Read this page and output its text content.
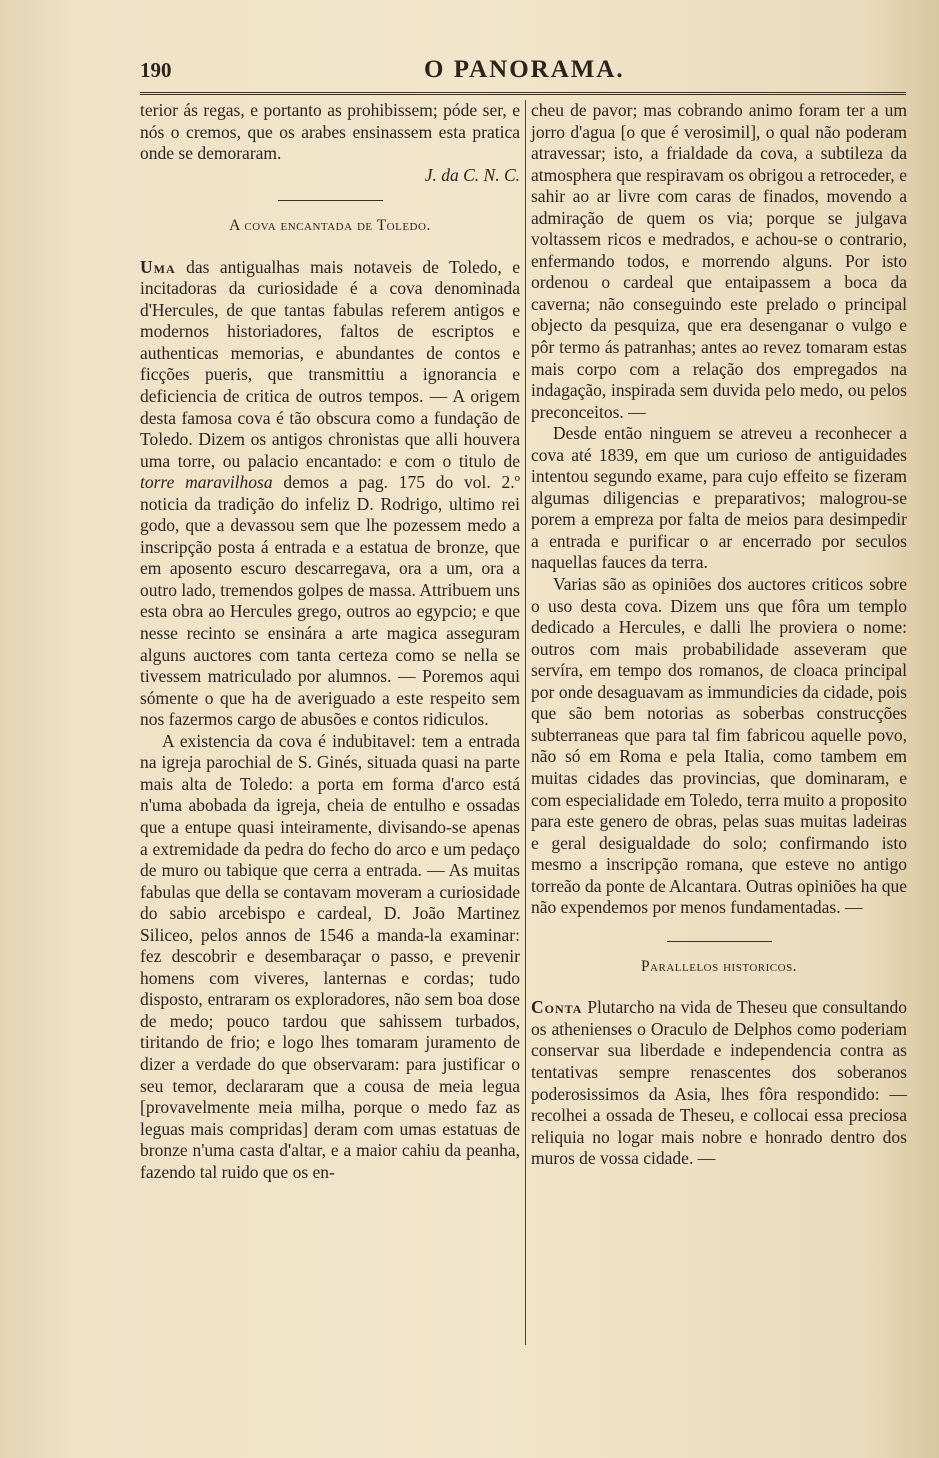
190	O PANORAMA.

terior ás regas, e portanto as prohibissem; póde ser, e nós o cremos, que os arabes ensinassem esta pratica onde se demoraram.

J. da C. N. C.

A cova encantada de Toledo.

Uma das antigualhas mais notaveis de Toledo, e incitadoras da curiosidade é a cova denominada d'Hercules, de que tantas fabulas referem antigos e modernos historiadores, faltos de escriptos e authenticas memorias, e abundantes de contos e ficções pueris, que transmittiu a ignorancia e deficiencia de critica de outros tempos. — A origem desta famosa cova é tão obscura como a fundação de Toledo. Dizem os antigos chronistas que alli houvera uma torre, ou palacio encantado: e com o titulo de torre maravilhosa demos a pag. 175 do vol. 2.º noticia da tradição do infeliz D. Rodrigo, ultimo rei godo, que a devassou sem que lhe pozessem medo a inscripção posta á entrada e a estatua de bronze, que em aposento escuro descarregava, ora a um, ora a outro lado, tremendos golpes de massa. Attribuem uns esta obra ao Hercules grego, outros ao egypcio; e que nesse recinto se ensinára a arte magica asseguram alguns auctores com tanta certeza como se nella se tivessem matriculado por alumnos. — Poremos aqui sómente o que ha de averiguado a este respeito sem nos fazermos cargo de abusões e contos ridiculos.

A existencia da cova é indubitavel: tem a entrada na igreja parochial de S. Ginés, situada quasi na parte mais alta de Toledo: a porta em forma d'arco está n'uma abobada da igreja, cheia de entulho e ossadas que a entupe quasi inteiramente, divisando-se apenas a extremidade da pedra do fecho do arco e um pedaço de muro ou tabique que cerra a entrada. — As muitas fabulas que della se contavam moveram a curiosidade do sabio arcebispo e cardeal, D. João Martinez Siliceo, pelos annos de 1546 a manda-la examinar: fez descobrir e desembaraçar o passo, e prevenir homens com viveres, lanternas e cordas; tudo disposto, entraram os exploradores, não sem boa dose de medo; pouco tardou que sahissem turbados, tiritando de frio; e logo lhes tomaram juramento de dizer a verdade do que observaram: para justificar o seu temor, declararam que a cousa de meia legua [provavelmente meia milha, porque o medo faz as leguas mais compridas] deram com umas estatuas de bronze n'uma casta d'altar, e a maior cahiu da peanha, fazendo tal ruido que os en-

cheu de pavor; mas cobrando animo foram ter a um jorro d'agua [o que é verosimil], o qual não poderam atravessar; isto, a frialdade da cova, a subtileza da atmosphera que respiravam os obrigou a retroceder, e sahir ao ar livre com caras de finados, movendo a admiração de quem os via; porque se julgava voltassem ricos e medrados, e achou-se o contrario, enfermando todos, e morrendo alguns. Por isto ordenou o cardeal que entaipassem a boca da caverna; não conseguindo este prelado o principal objecto da pesquiza, que era desenganar o vulgo e pôr termo ás patranhas; antes ao revez tomaram estas mais corpo com a relação dos empregados na indagação, inspirada sem duvida pelo medo, ou pelos preconceitos. —

Desde então ninguem se atreveu a reconhecer a cova até 1839, em que um curioso de antiguidades intentou segundo exame, para cujo effeito se fizeram algumas diligencias e preparativos; malogrou-se porem a empreza por falta de meios para desimpedir a entrada e purificar o ar encerrado por seculos naquellas fauces da terra.

Varias são as opiniões dos auctores criticos sobre o uso desta cova. Dizem uns que fôra um templo dedicado a Hercules, e dalli lhe proviera o nome: outros com mais probabilidade asseveram que servíra, em tempo dos romanos, de cloaca principal por onde desaguavam as immundicies da cidade, pois que são bem notorias as soberbas construcções subterraneas que para tal fim fabricou aquelle povo, não só em Roma e pela Italia, como tambem em muitas cidades das provincias, que dominaram, e com especialidade em Toledo, terra muito a proposito para este genero de obras, pelas suas muitas ladeiras e geral desigualdade do solo; confirmando isto mesmo a inscripção romana, que esteve no antigo torreão da ponte de Alcantara. Outras opiniões ha que não expendemos por menos fundamentadas. —

Parallelos historicos.

Conta Plutarcho na vida de Theseu que consultando os athenienses o Oraculo de Delphos como poderiam conservar sua liberdade e independencia contra as tentativas sempre renascentes dos soberanos poderosissimos da Asia, lhes fôra respondido: — recolhei a ossada de Theseu, e collocai essa preciosa reliquia no logar mais nobre e honrado dentro dos muros de vossa cidade. —
